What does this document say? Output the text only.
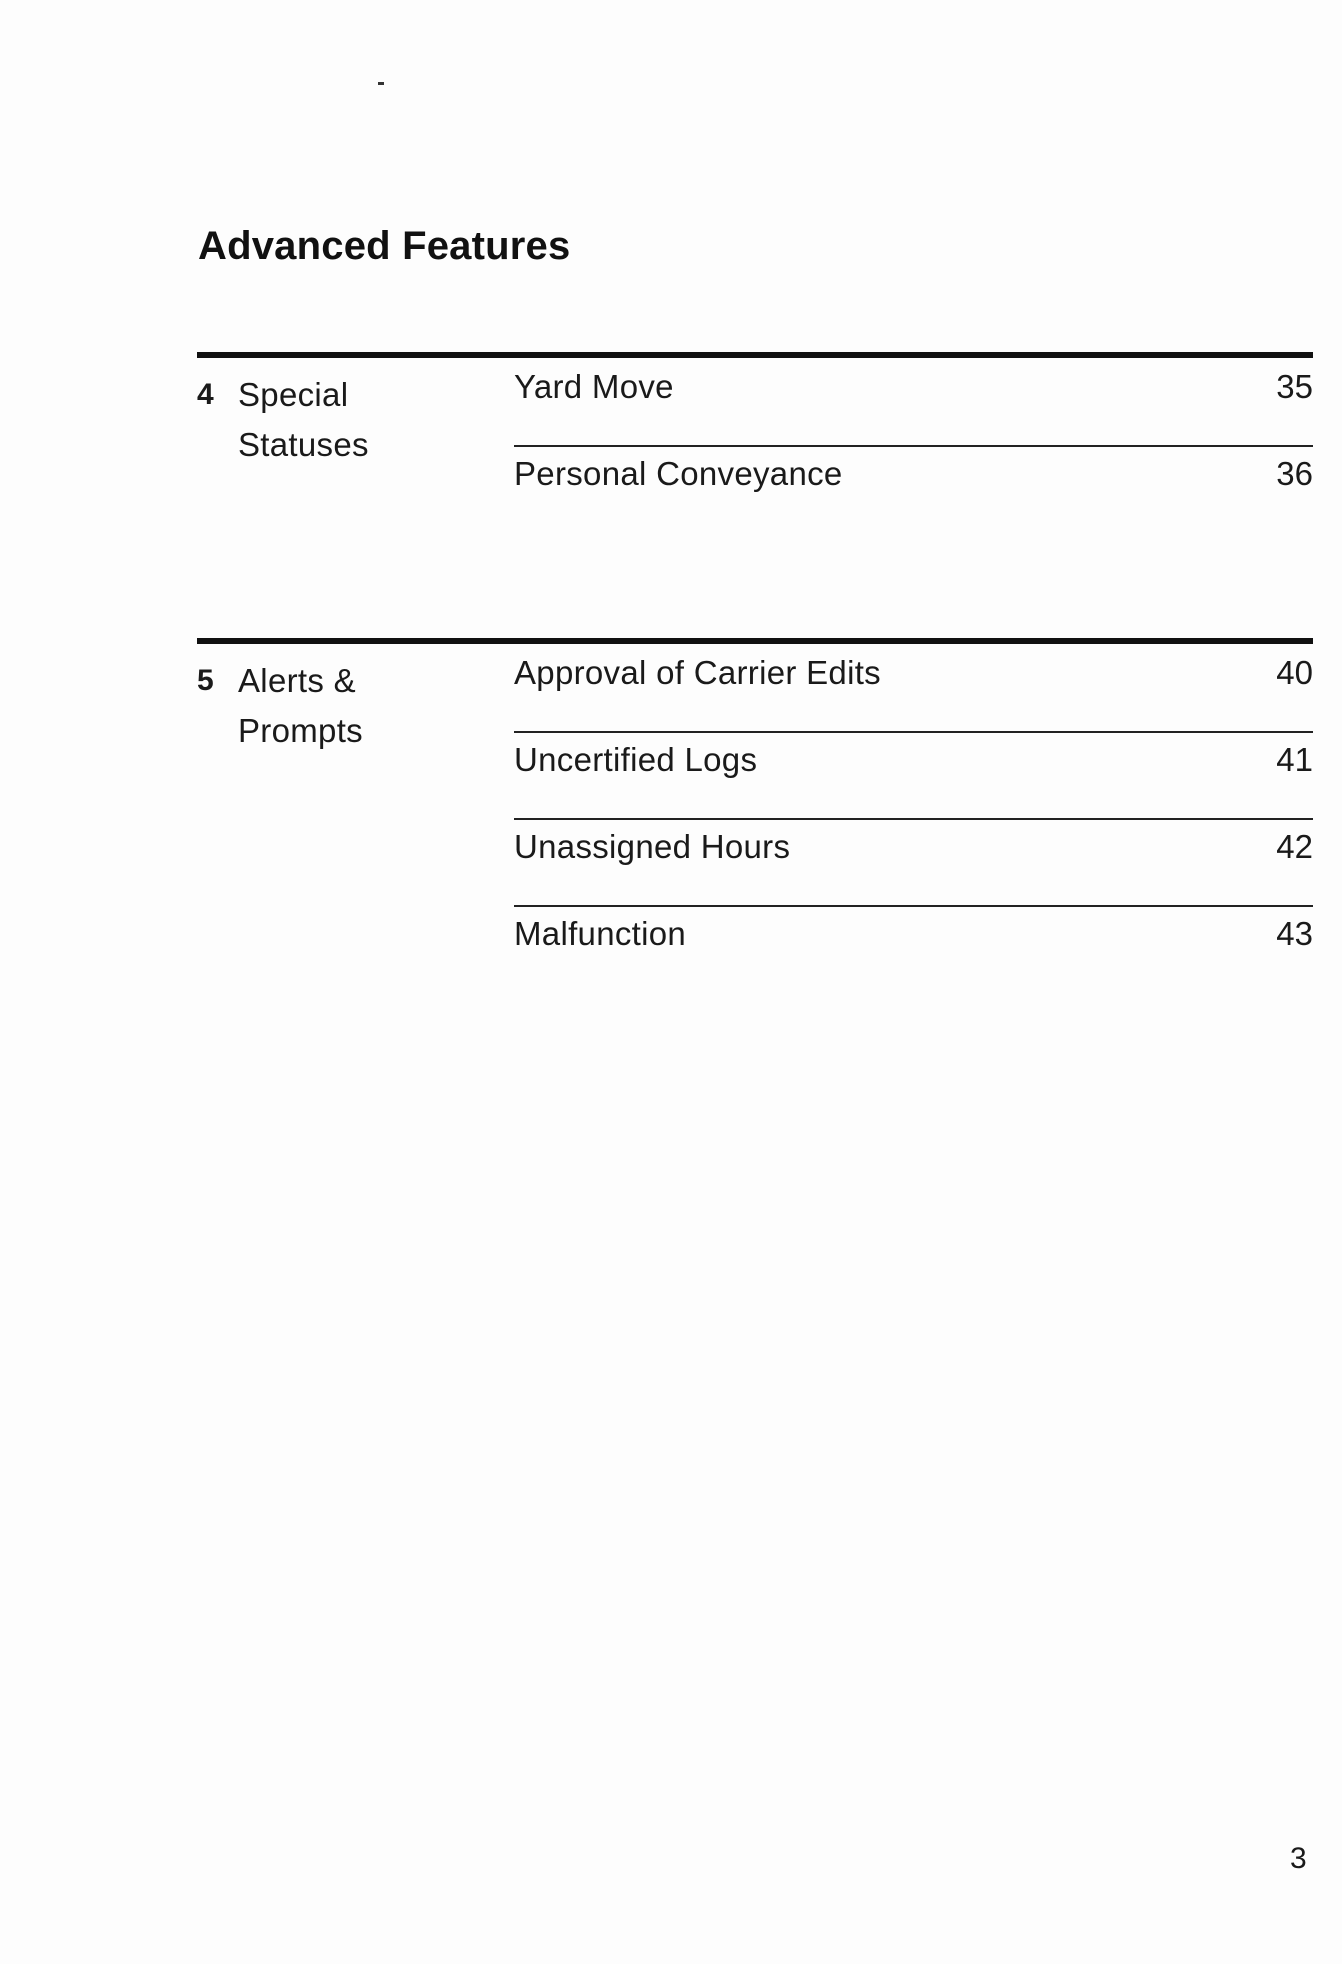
Advanced Features
4 Special
Statuses
Yard Move	35
Personal Conveyance	36
5 Alerts &
Prompts
Approval of Carrier Edits	40
Uncertified Logs	41
Unassigned Hours	42
Malfunction	43
3
